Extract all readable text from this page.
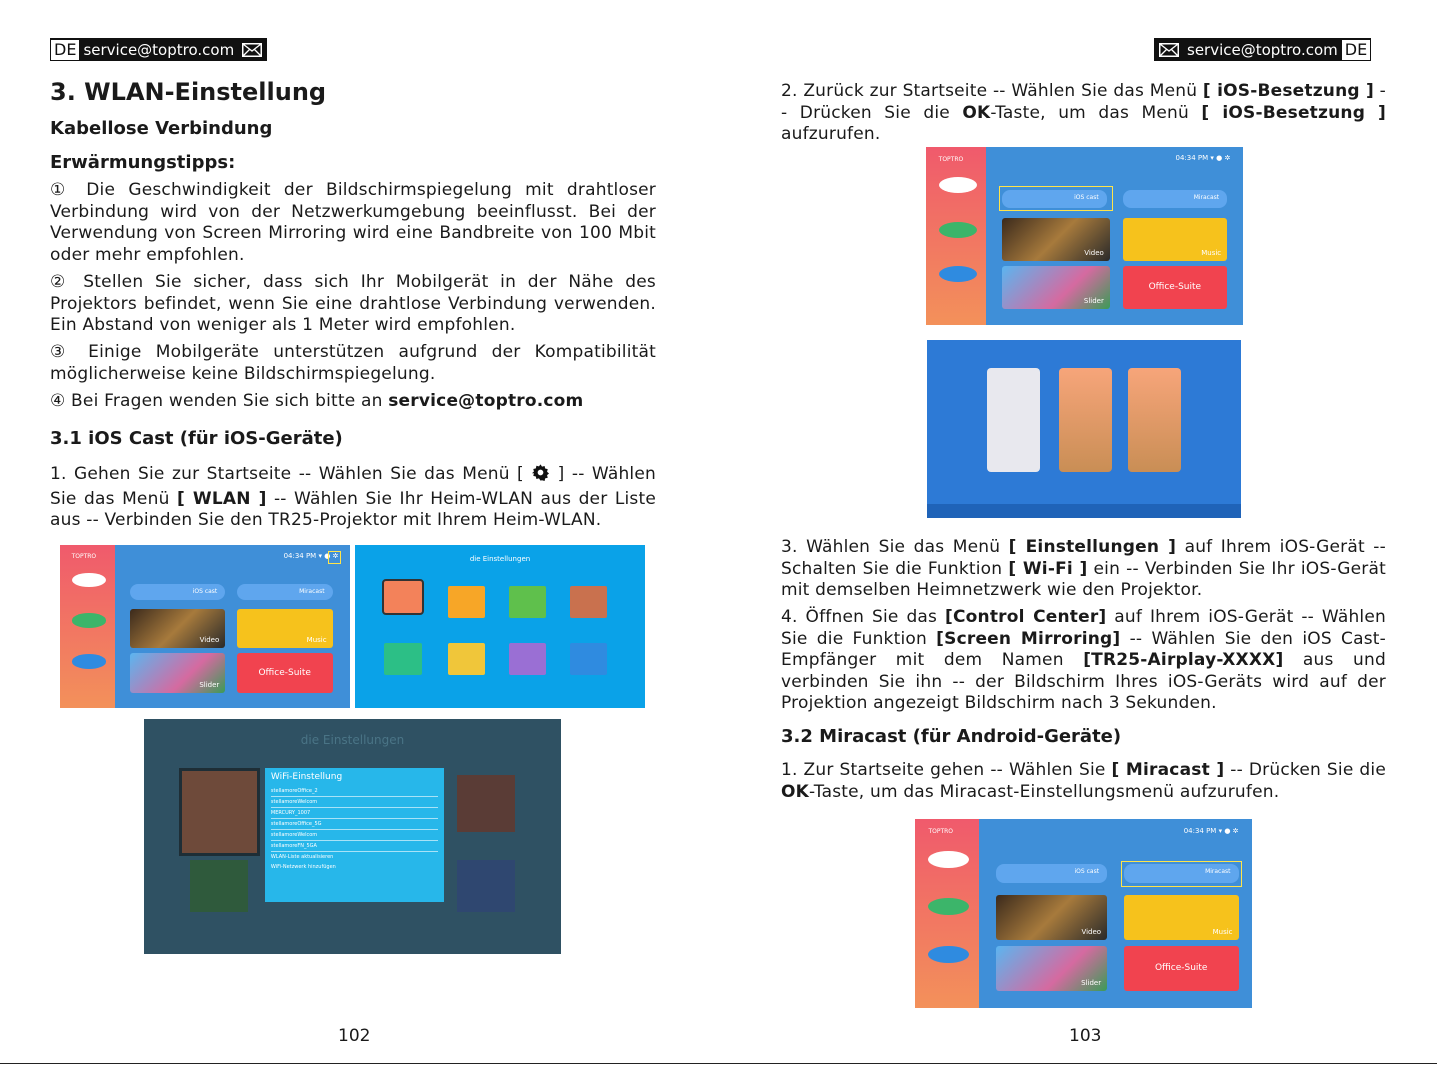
DE service@toptro.com
3. WLAN-Einstellung
Kabellose Verbindung
Erwärmungstipps:
① Die Geschwindigkeit der Bildschirmspiegelung mit drahtloser Verbindung wird von der Netzwerkumgebung beeinflusst. Bei der Verwendung von Screen Mirroring wird eine Bandbreite von 100 Mbit oder mehr empfohlen.
② Stellen Sie sicher, dass sich Ihr Mobilgerät in der Nähe des Projektors befindet, wenn Sie eine drahtlose Verbindung verwenden. Ein Abstand von weniger als 1 Meter wird empfohlen.
③ Einige Mobilgeräte unterstützen aufgrund der Kompatibilität möglicherweise keine Bildschirmspiegelung.
④ Bei Fragen wenden Sie sich bitte an service@toptro.com
3.1 iOS Cast (für iOS-Geräte)
1. Gehen Sie zur Startseite -- Wählen Sie das Menü [  ] -- Wählen Sie das Menü [ WLAN ] -- Wählen Sie Ihr Heim-WLAN aus der Liste aus -- Verbinden Sie den TR25-Projektor mit Ihrem Heim-WLAN.
TOPTRO	04:34 PM ▾ ● ✲
iOS cast	Miracast
Video	Music
Slider
Office-Suite
die Einstellungen
die Einstellungen
WiFi-Einstellung
stellamoreOffice_2
stellamoreWelcom
MERCURY_1007
stellamoreOffice_5G
stellamoreWelcom
stellamoreFN_5GA
WLAN-Liste aktualisieren
WiFi-Netzwerk hinzufügen
102
service@toptro.com DE
2. Zurück zur Startseite -- Wählen Sie das Menü [ iOS-Besetzung ] -- Drücken Sie die OK-Taste, um das Menü [ iOS-Besetzung ] aufzurufen.
TOPTRO	04:34 PM ▾ ● ✲
iOS cast	Miracast
Video	Music
Slider
Office-Suite
3. Wählen Sie das Menü [ Einstellungen ] auf Ihrem iOS-Gerät -- Schalten Sie die Funktion [ Wi-Fi ] ein -- Verbinden Sie Ihr iOS-Gerät mit demselben Heimnetzwerk wie den Projektor.
4. Öffnen Sie das [Control Center] auf Ihrem iOS-Gerät -- Wählen Sie die Funktion [Screen Mirroring] -- Wählen Sie den iOS Cast-Empfänger mit dem Namen [TR25-Airplay-XXXX] aus und verbinden Sie ihn -- der Bildschirm Ihres iOS-Geräts wird auf der Projektion angezeigt Bildschirm nach 3 Sekunden.
3.2 Miracast (für Android-Geräte)
1. Zur Startseite gehen -- Wählen Sie [ Miracast ] -- Drücken Sie die OK-Taste, um das Miracast-Einstellungsmenü aufzurufen.
TOPTRO	04:34 PM ▾ ● ✲
iOS cast	Miracast
Video	Music
Slider
Office-Suite
103
